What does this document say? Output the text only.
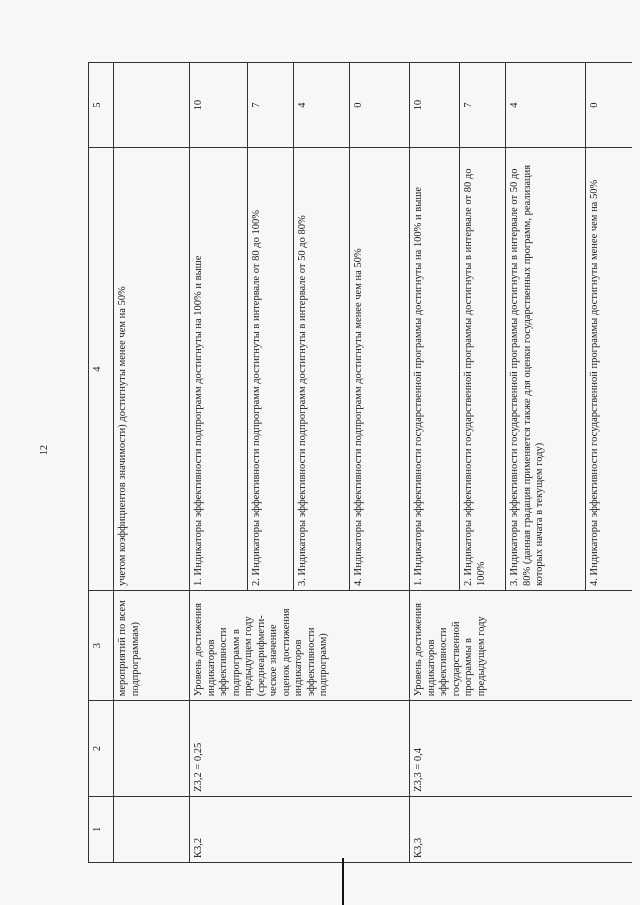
12
1	2	3	4	5
		мероприятий по всем подпрограммам)	учетом коэффициентов значимости) достигнуты менее чем на 50%	
К3,2	Z3,2 = 0,25	Уровень достижения индикаторов эффективности подпрограмм в предыдущем году (среднеарифмети-ческое значение оценок достижения индикаторов эффективности подпрограмм)	1. Индикаторы эффективности подпрограмм достигнуты на 100% и выше	10
			2. Индикаторы эффективности подпрограмм достигнуты в интервале от 80 до 100%	7
			3. Индикаторы эффективности подпрограмм достигнуты в интервале от 50 до 80%	4
			4. Индикаторы эффективности подпрограмм достигнуты менее чем на 50%	0
К3,3	Z3,3 = 0,4	Уровень достижения индикаторов эффективности государственной программы в предыдущем году	1. Индикаторы эффективности государственной программы достигнуты на 100% и выше	10
			2. Индикаторы эффективности государственной программы достигнуты в интервале от 80 до 100%	7
			3. Индикаторы эффективности государственной программы достигнуты в интервале от 50 до 80% (данная градация применяется также для оценки государственных программ, реализация которых начата в текущем году)	4
			4. Индикаторы эффективности государственной программы достигнуты менее чем на 50%	0
